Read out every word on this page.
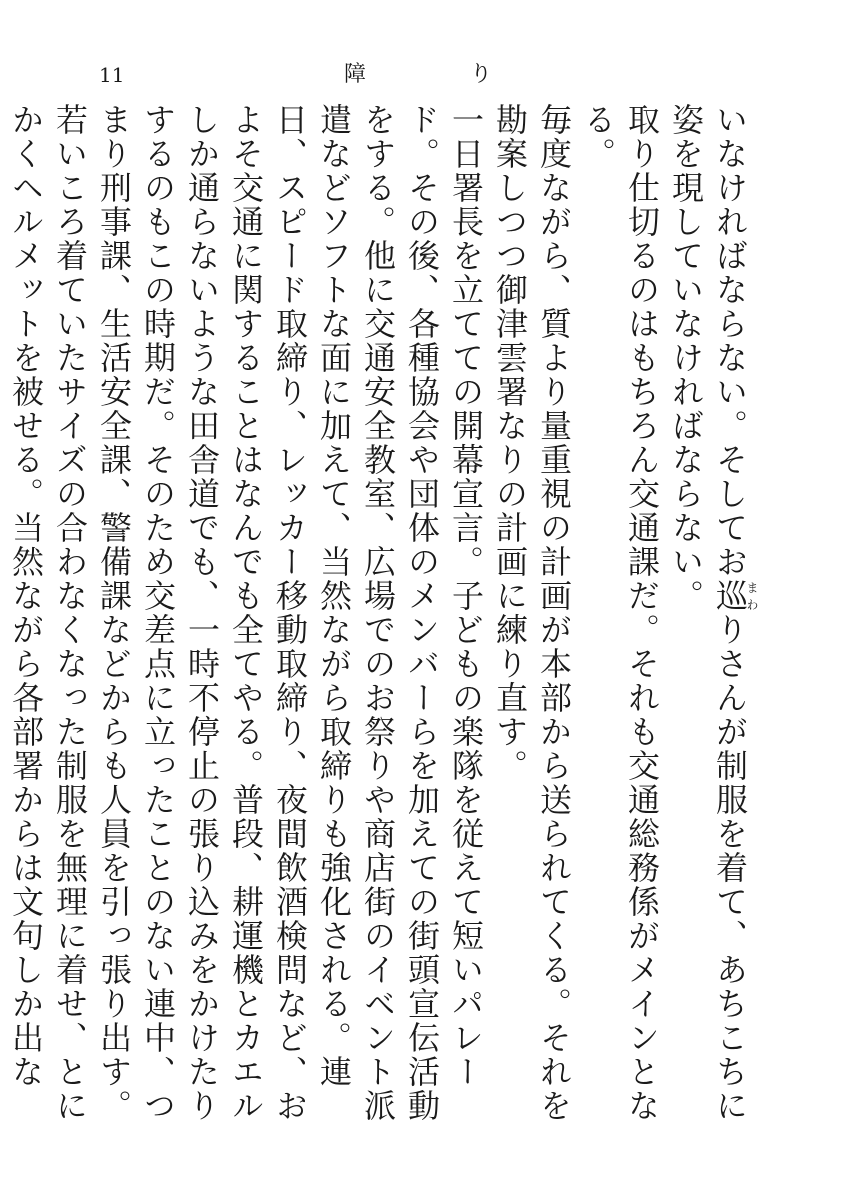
11	障り

いなければならない。そしてお巡まわりさんが制服を着て、あちこちに姿を現していなければならない。

取り仕切るのはもちろん交通課だ。それも交通総務係がメインとなる。

毎度ながら、質より量重視の計画が本部から送られてくる。それを勘案しつつ御津雲署なりの計画に練り直す。

一日署長を立てての開幕宣言。子どもの楽隊を従えて短いパレード。その後、各種協会や団体のメンバーらを加えての街頭宣伝活動をする。他に交通安全教室、広場でのお祭りや商店街のイベント派遣などソフトな面に加えて、当然ながら取締りも強化される。連日、スピード取締り、レッカー移動取締り、夜間飲酒検問など、およそ交通に関することはなんでも全てやる。普段、耕運機とカエルしか通らないような田舎道でも、一時不停止の張り込みをかけたりするのもこの時期だ。そのため交差点に立ったことのない連中、つまり刑事課、生活安全課、警備課などからも人員を引っ張り出す。

若いころ着ていたサイズの合わなくなった制服を無理に着せ、とにかくヘルメットを被せる。当然ながら各部署からは文句しか出な
